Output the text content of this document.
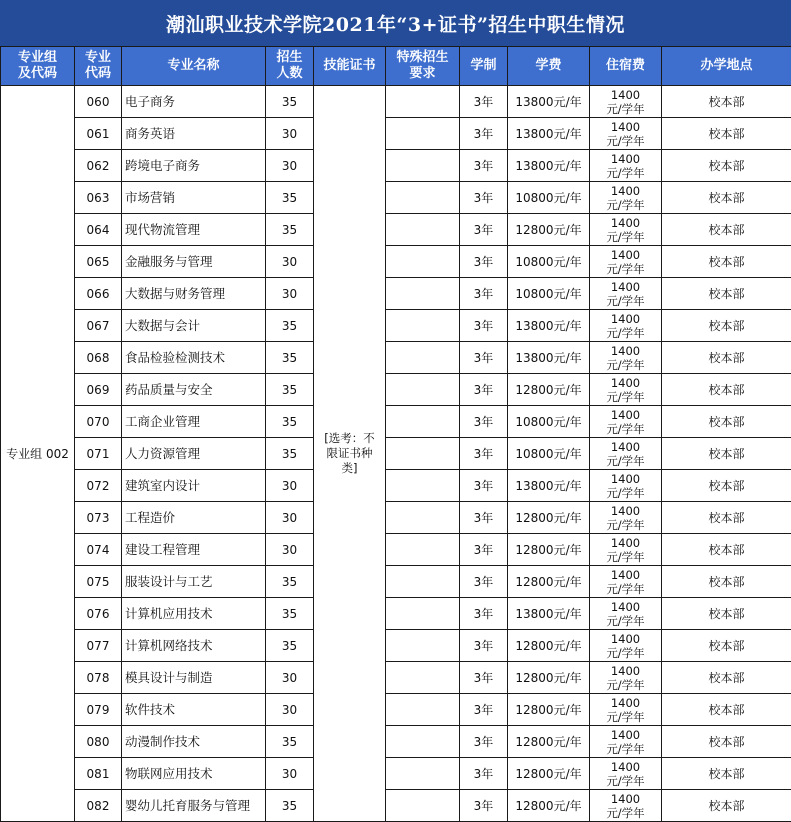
潮汕职业技术学院2021年“3+证书”招生中职生情况
专业组
及代码	专业
代码	专业名称	招生
人数	技能证书	特殊招生
要求	学制	学费	住宿费	办学地点
专业组 002	060	电子商务	35	[选考：不
限证书种
类]		3年	13800元/年	1400
元/学年	校本部
	061	商务英语	30			3年	13800元/年	1400
元/学年	校本部
	062	跨境电子商务	30			3年	13800元/年	1400
元/学年	校本部
	063	市场营销	35			3年	10800元/年	1400
元/学年	校本部
	064	现代物流管理	35			3年	12800元/年	1400
元/学年	校本部
	065	金融服务与管理	30			3年	10800元/年	1400
元/学年	校本部
	066	大数据与财务管理	30			3年	10800元/年	1400
元/学年	校本部
	067	大数据与会计	35			3年	13800元/年	1400
元/学年	校本部
	068	食品检验检测技术	35			3年	13800元/年	1400
元/学年	校本部
	069	药品质量与安全	35			3年	12800元/年	1400
元/学年	校本部
	070	工商企业管理	35			3年	10800元/年	1400
元/学年	校本部
	071	人力资源管理	35			3年	10800元/年	1400
元/学年	校本部
	072	建筑室内设计	30			3年	13800元/年	1400
元/学年	校本部
	073	工程造价	30			3年	12800元/年	1400
元/学年	校本部
	074	建设工程管理	30			3年	12800元/年	1400
元/学年	校本部
	075	服装设计与工艺	35			3年	12800元/年	1400
元/学年	校本部
	076	计算机应用技术	35			3年	13800元/年	1400
元/学年	校本部
	077	计算机网络技术	35			3年	12800元/年	1400
元/学年	校本部
	078	模具设计与制造	30			3年	12800元/年	1400
元/学年	校本部
	079	软件技术	30			3年	12800元/年	1400
元/学年	校本部
	080	动漫制作技术	35			3年	12800元/年	1400
元/学年	校本部
	081	物联网应用技术	30			3年	12800元/年	1400
元/学年	校本部
	082	婴幼儿托育服务与管理	35			3年	12800元/年	1400
元/学年	校本部
